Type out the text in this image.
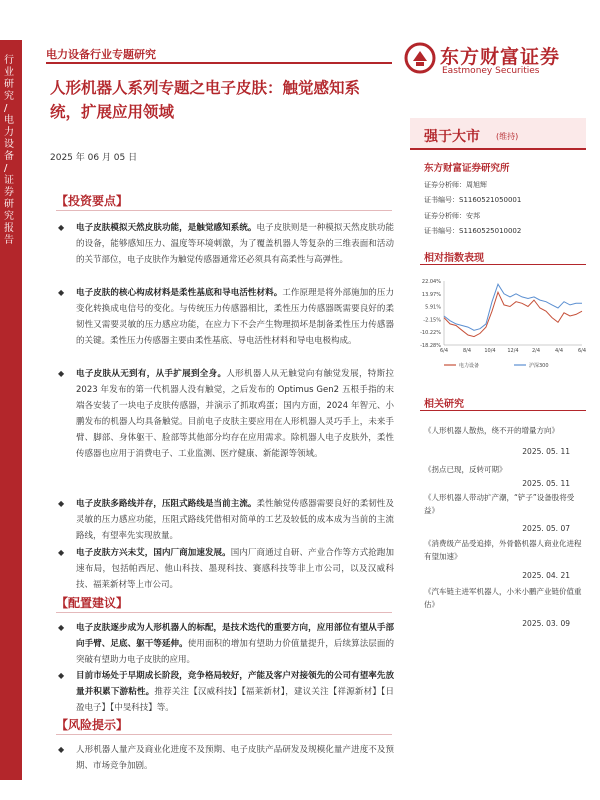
行业研究 / 电力设备 / 证券研究报告
电力设备行业专题研究	东方财富证券
Eastmoney Securities
人形机器人系列专题之电子皮肤：触觉感知系统，扩展应用领域
2025 年 06 月 05 日
强于大市 (维持)
东方财富证券研究所
证券分析师：周旭辉
证书编号：S1160521050001
证券分析师：安邦
证书编号：S1160525010002
相对指数表现
22.04%
13.97%
5.91%
-2.15%
-10.22%
-18.28%
6/4	8/4	10/4 12/4	2/4	4/4	6/4
电力设备	沪深300
相关研究
《人形机器人散热，绕不开的增量方向》
2025. 05. 11
《拐点已现，反转可期》
2025. 05. 11
《人形机器人带动扩产潮，“铲子”设备股将受益》
2025. 05. 07
《消费级产品受追捧，外骨骼机器人商业化进程有望加速》
2025. 04. 21
《汽车链主进军机器人，小米小鹏产业链价值重估》
2025. 03. 09
【投资要点】
◆ 电子皮肤模拟天然皮肤功能，是触觉感知系统。电子皮肤则是一种模拟天然皮肤功能的设备，能够感知压力、温度等环境刺激，为了覆盖机器人等复杂的三维表面和活动的关节部位，电子皮肤作为触觉传感器通常还必须具有高柔性与高弹性。
◆ 电子皮肤的核心构成材料是柔性基底和导电活性材料。工作原理是将外部施加的压力变化转换成电信号的变化。与传统压力传感器相比，柔性压力传感器既需要良好的柔韧性又需要灵敏的压力感应功能，在应力下不会产生物理损坏是制备柔性压力传感器的关键。柔性压力传感器主要由柔性基底、导电活性材料和导电电极构成。
◆ 电子皮肤从无到有，从手扩展到全身。人形机器人从无触觉向有触觉发展，特斯拉 2023 年发布的第一代机器人没有触觉，之后发布的 Optimus Gen2 五根手指的末端各安装了一块电子皮肤传感器，并演示了抓取鸡蛋；国内方面，2024 年智元、小鹏发布的机器人均具备触觉。目前电子皮肤主要应用在人形机器人灵巧手上，未来手臂、脚部、身体躯干、脸部等其他部分均存在应用需求。除机器人电子皮肤外，柔性传感器也应用于消费电子、工业监测、医疗健康、新能源等领域。
◆ 电子皮肤多路线并存，压阻式路线是当前主流。柔性触觉传感器需要良好的柔韧性及灵敏的压力感应功能，压阻式路线凭借相对简单的工艺及较低的成本成为当前的主流路线，有望率先实现放量。
◆ 电子皮肤方兴未艾，国内厂商加速发展。国内厂商通过自研、产业合作等方式抢跑加速布局，包括帕西尼、他山科技、墨现科技、赛感科技等非上市公司，以及汉威科技、福莱新材等上市公司。
【配置建议】
◆ 电子皮肤逐步成为人形机器人的标配，是技术迭代的重要方向，应用部位有望从手部向手臂、足底、躯干等延伸。使用面积的增加有望助力价值量提升，后续算法层面的突破有望助力电子皮肤的应用。
◆ 目前市场处于早期成长阶段，竞争格局较好，产能及客户对接领先的公司有望率先放量并积累下游粘性。推荐关注【汉威科技】【福莱新材】，建议关注【祥源新材】【日盈电子】【中旻科技】等。
【风险提示】
◆ 人形机器人量产及商业化进度不及预期、电子皮肤产品研发及规模化量产进度不及预期、市场竞争加剧。
